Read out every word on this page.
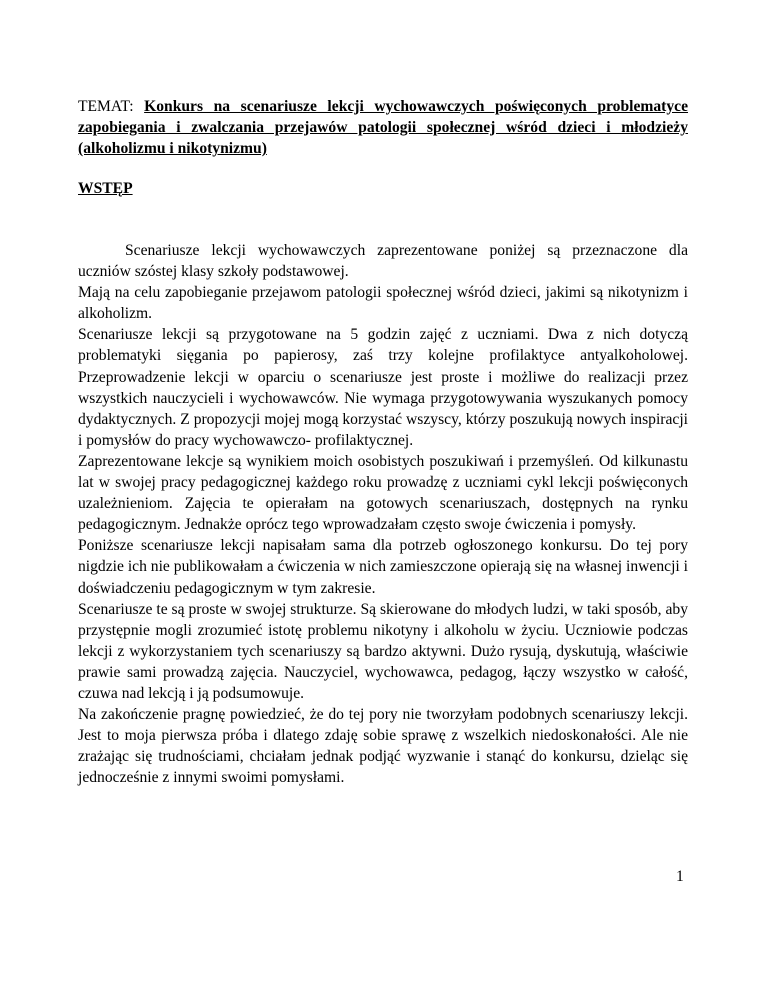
TEMAT: Konkurs na scenariusze lekcji wychowawczych poświęconych problematyce zapobiegania i zwalczania przejawów patologii społecznej wśród dzieci i młodzieży (alkoholizmu i nikotynizmu)

WSTĘP

Scenariusze lekcji wychowawczych zaprezentowane poniżej są przeznaczone dla uczniów szóstej klasy szkoły podstawowej.

Mają na celu zapobieganie przejawom patologii społecznej wśród dzieci, jakimi są nikotynizm i alkoholizm.

Scenariusze lekcji są przygotowane na 5 godzin zajęć z uczniami. Dwa z nich dotyczą problematyki sięgania po papierosy, zaś trzy kolejne profilaktyce antyalkoholowej. Przeprowadzenie lekcji w oparciu o scenariusze jest proste i możliwe do realizacji przez wszystkich nauczycieli i wychowawców. Nie wymaga przygotowywania wyszukanych pomocy dydaktycznych. Z propozycji mojej mogą korzystać wszyscy, którzy poszukują nowych inspiracji i pomysłów do pracy wychowawczo- profilaktycznej.

Zaprezentowane lekcje są wynikiem moich osobistych poszukiwań i przemyśleń. Od kilkunastu lat w swojej pracy pedagogicznej każdego roku prowadzę z uczniami cykl lekcji poświęconych uzależnieniom. Zajęcia te opierałam na gotowych scenariuszach, dostępnych na rynku pedagogicznym. Jednakże oprócz tego wprowadzałam często swoje ćwiczenia i pomysły.

Poniższe scenariusze lekcji napisałam sama dla potrzeb ogłoszonego konkursu. Do tej pory nigdzie ich nie publikowałam a ćwiczenia w nich zamieszczone opierają się na własnej inwencji i doświadczeniu pedagogicznym w tym zakresie.

Scenariusze te są proste w swojej strukturze. Są skierowane do młodych ludzi, w taki sposób, aby przystępnie mogli zrozumieć istotę problemu nikotyny i alkoholu w życiu. Uczniowie podczas lekcji z wykorzystaniem tych scenariuszy są bardzo aktywni. Dużo rysują, dyskutują, właściwie prawie sami prowadzą zajęcia. Nauczyciel, wychowawca, pedagog, łączy wszystko w całość, czuwa nad lekcją i ją podsumowuje.

Na zakończenie pragnę powiedzieć, że do tej pory nie tworzyłam podobnych scenariuszy lekcji. Jest to moja pierwsza próba i dlatego zdaję sobie sprawę z wszelkich niedoskonałości. Ale nie zrażając się trudnościami, chciałam jednak podjąć wyzwanie i stanąć do konkursu, dzieląc się jednocześnie z innymi swoimi pomysłami.

1
